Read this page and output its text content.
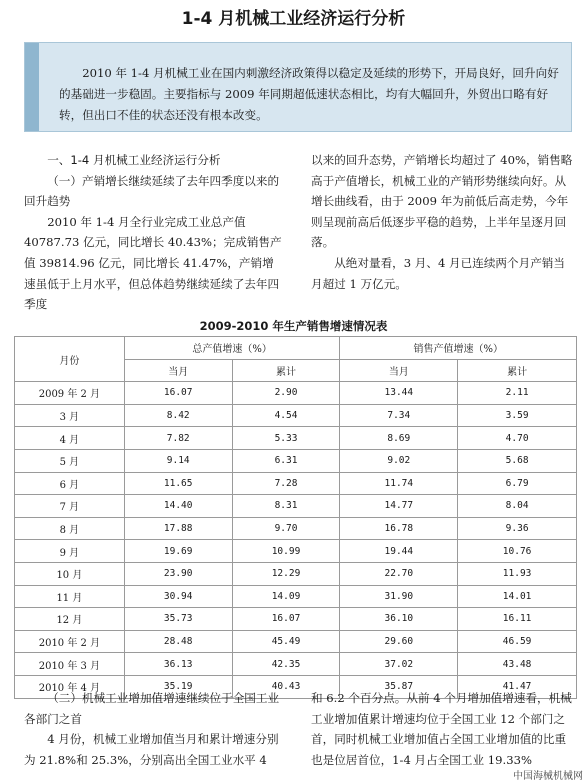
1-4 月机械工业经济运行分析
2010 年 1-4 月机械工业在国内刺激经济政策得以稳定及延续的形势下，开局良好，回升向好的基础进一步稳固。主要指标与 2009 年同期超低速状态相比，均有大幅回升，外贸出口略有好转，但出口不佳的状态还没有根本改变。

一、1-4 月机械工业经济运行分析

（一）产销增长继续延续了去年四季度以来的回升趋势

2010 年 1-4 月全行业完成工业总产值 40787.73 亿元，同比增长 40.43%；完成销售产值 39814.96 亿元，同比增长 41.47%，产销增速虽低于上月水平，但总体趋势继续延续了去年四季度

以来的回升态势，产销增长均超过了 40%，销售略高于产值增长，机械工业的产销形势继续向好。从增长曲线看，由于 2009 年为前低后高走势，今年则呈现前高后低逐步平稳的趋势，上半年呈逐月回落。

从绝对量看，3 月、4 月已连续两个月产销当月超过 1 万亿元。

2009-2010 年生产销售增速情况表
月份	总产值增速（%）		销售产值增速（%）	
	当月	累计	当月	累计
2009 年 2 月	16.07	2.90	13.44	2.11
3 月	8.42	4.54	7.34	3.59
4 月	7.82	5.33	8.69	4.70
5 月	9.14	6.31	9.02	5.68
6 月	11.65	7.28	11.74	6.79
7 月	14.40	8.31	14.77	8.04
8 月	17.88	9.70	16.78	9.36
9 月	19.69	10.99	19.44	10.76
10 月	23.90	12.29	22.70	11.93
11 月	30.94	14.09	31.90	14.01
12 月	35.73	16.07	36.10	16.11
2010 年 2 月	28.48	45.49	29.60	46.59
2010 年 3 月	36.13	42.35	37.02	43.48
2010 年 4 月	35.19	40.43	35.87	41.47

（二）机械工业增加值增速继续位于全国工业各部门之首

4 月份，机械工业增加值当月和累计增速分别为 21.8%和 25.3%，分别高出全国工业水平 4

和 6.2 个百分点。从前 4 个月增加值增速看，机械工业增加值累计增速均位于全国工业 12 个部门之首，同时机械工业增加值占全国工业增加值的比重也是位居首位，1-4 月占全国工业 19.33%

中国海械机械网
